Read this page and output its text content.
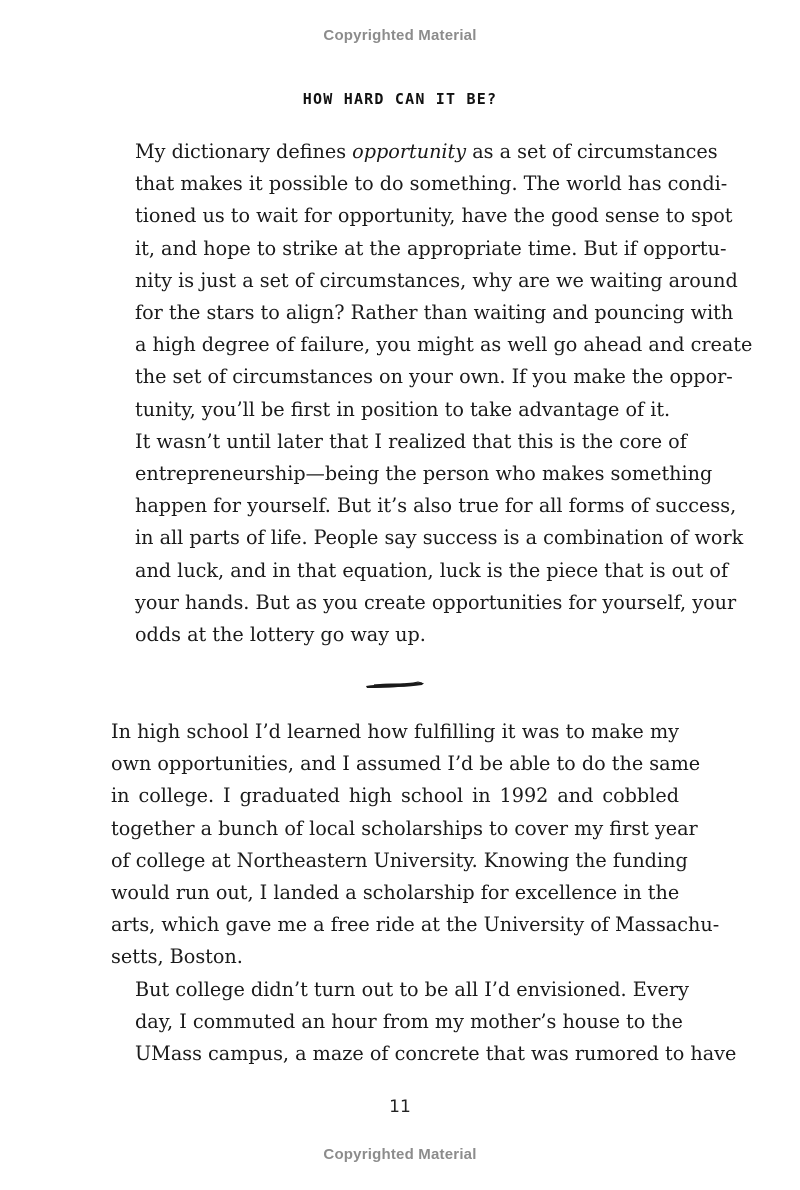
Copyrighted Material
HOW HARD CAN IT BE?

My dictionary defines opportunity as a set of circumstances
that makes it possible to do something. The world has condi-
tioned us to wait for opportunity, have the good sense to spot
it, and hope to strike at the appropriate time. But if opportu-
nity is just a set of circumstances, why are we waiting around
for the stars to align? Rather than waiting and pouncing with
a high degree of failure, you might as well go ahead and create
the set of circumstances on your own. If you make the oppor-
tunity, you’ll be first in position to take advantage of it.

It wasn’t until later that I realized that this is the core of
entrepreneurship—being the person who makes something
happen for yourself. But it’s also true for all forms of success,
in all parts of life. People say success is a combination of work
and luck, and in that equation, luck is the piece that is out of
your hands. But as you create opportunities for yourself, your
odds at the lottery go way up.

In high school I’d learned how fulfilling it was to make my
own opportunities, and I assumed I’d be able to do the same
in college. I graduated high school in 1992 and cobbled
together a bunch of local scholarships to cover my first year
of college at Northeastern University. Knowing the funding
would run out, I landed a scholarship for excellence in the
arts, which gave me a free ride at the University of Massachu-
setts, Boston.

But college didn’t turn out to be all I’d envisioned. Every
day, I commuted an hour from my mother’s house to the
UMass campus, a maze of concrete that was rumored to have

11
Copyrighted Material
